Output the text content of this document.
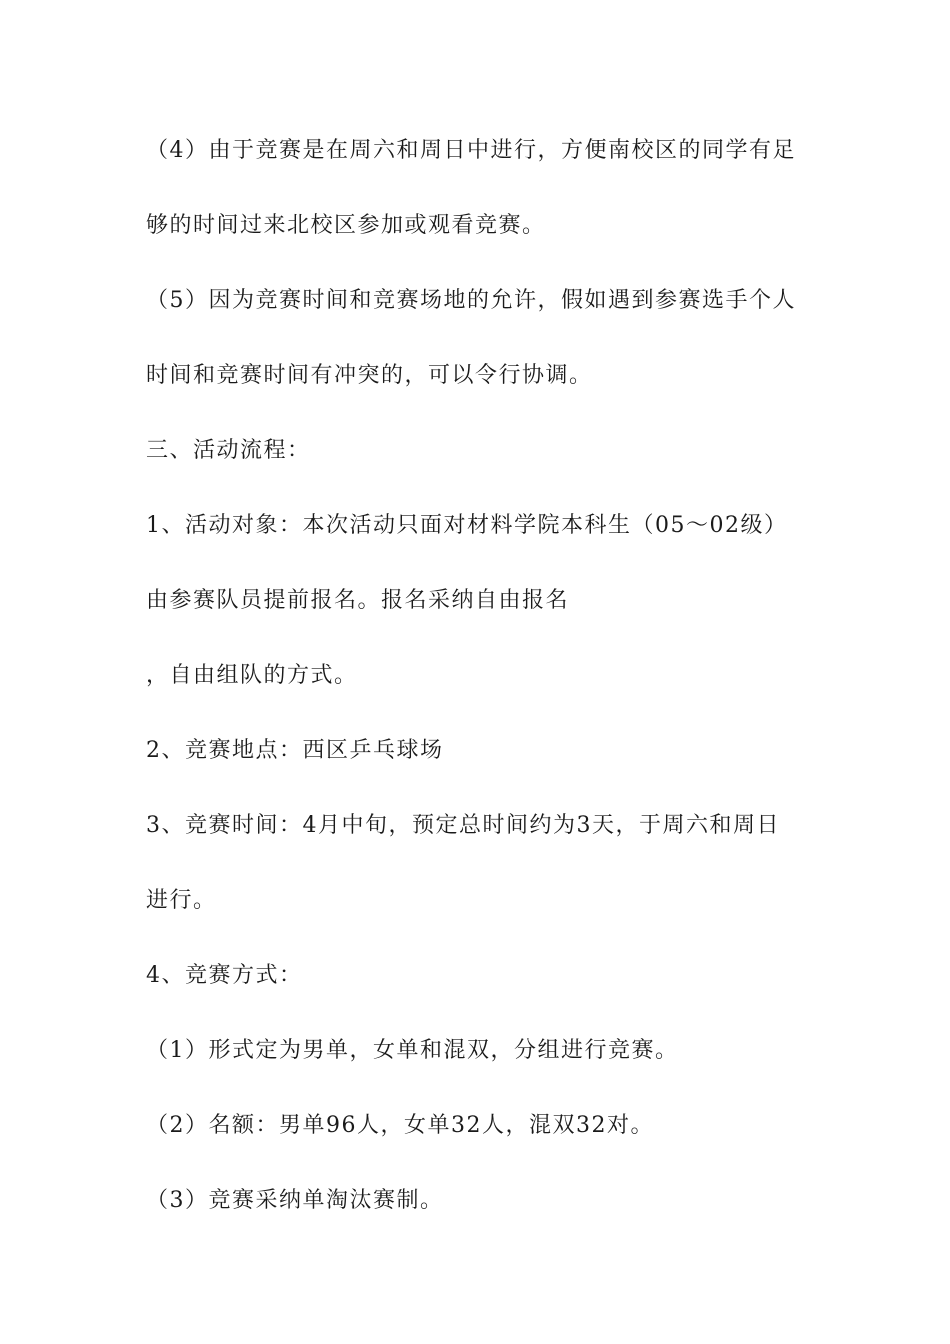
（4）由于竞赛是在周六和周日中进行，方便南校区的同学有足
够的时间过来北校区参加或观看竞赛。
（5）因为竞赛时间和竞赛场地的允许，假如遇到参赛选手个人
时间和竞赛时间有冲突的，可以令行协调。
三、活动流程：
1、活动对象：本次活动只面对材料学院本科生（05～02级）
由参赛队员提前报名。报名采纳自由报名
，自由组队的方式。
2、竞赛地点：西区乒乓球场
3、竞赛时间：4月中旬，预定总时间约为3天，于周六和周日
进行。
4、竞赛方式：
（1）形式定为男单，女单和混双，分组进行竞赛。
（2）名额：男单96人，女单32人，混双32对。
（3）竞赛采纳单淘汰赛制。
